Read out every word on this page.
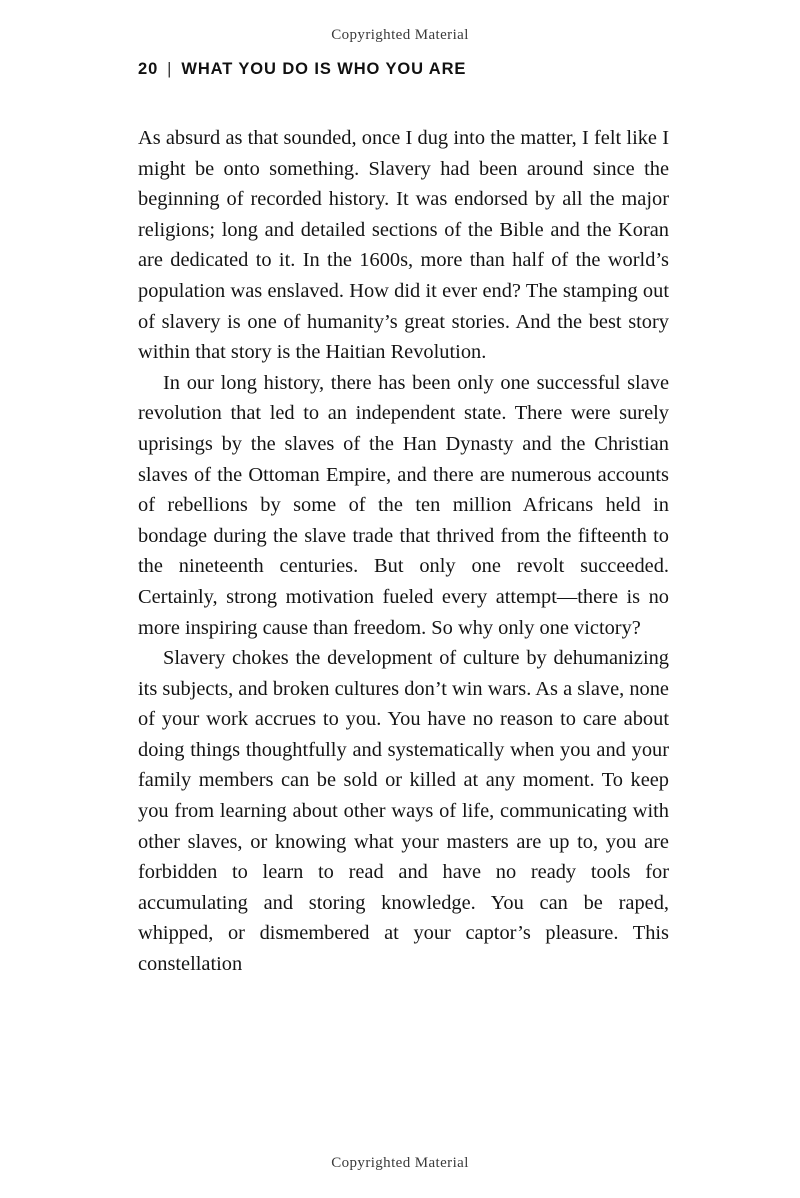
Copyrighted Material
20 | WHAT YOU DO IS WHO YOU ARE

As absurd as that sounded, once I dug into the matter, I felt like I might be onto something. Slavery had been around since the beginning of recorded history. It was endorsed by all the major religions; long and detailed sections of the Bible and the Koran are dedicated to it. In the 1600s, more than half of the world’s population was enslaved. How did it ever end? The stamping out of slavery is one of humanity’s great stories. And the best story within that story is the Haitian Revolution.

In our long history, there has been only one successful slave revolution that led to an independent state. There were surely uprisings by the slaves of the Han Dynasty and the Christian slaves of the Ottoman Empire, and there are numerous accounts of rebellions by some of the ten million Africans held in bondage during the slave trade that thrived from the fifteenth to the nineteenth centuries. But only one revolt succeeded. Certainly, strong motivation fueled every attempt—there is no more inspiring cause than freedom. So why only one victory?

Slavery chokes the development of culture by dehumanizing its subjects, and broken cultures don’t win wars. As a slave, none of your work accrues to you. You have no reason to care about doing things thoughtfully and systematically when you and your family members can be sold or killed at any moment. To keep you from learning about other ways of life, communicating with other slaves, or knowing what your masters are up to, you are forbidden to learn to read and have no ready tools for accumulating and storing knowledge. You can be raped, whipped, or dismembered at your captor’s pleasure. This constellation

Copyrighted Material
